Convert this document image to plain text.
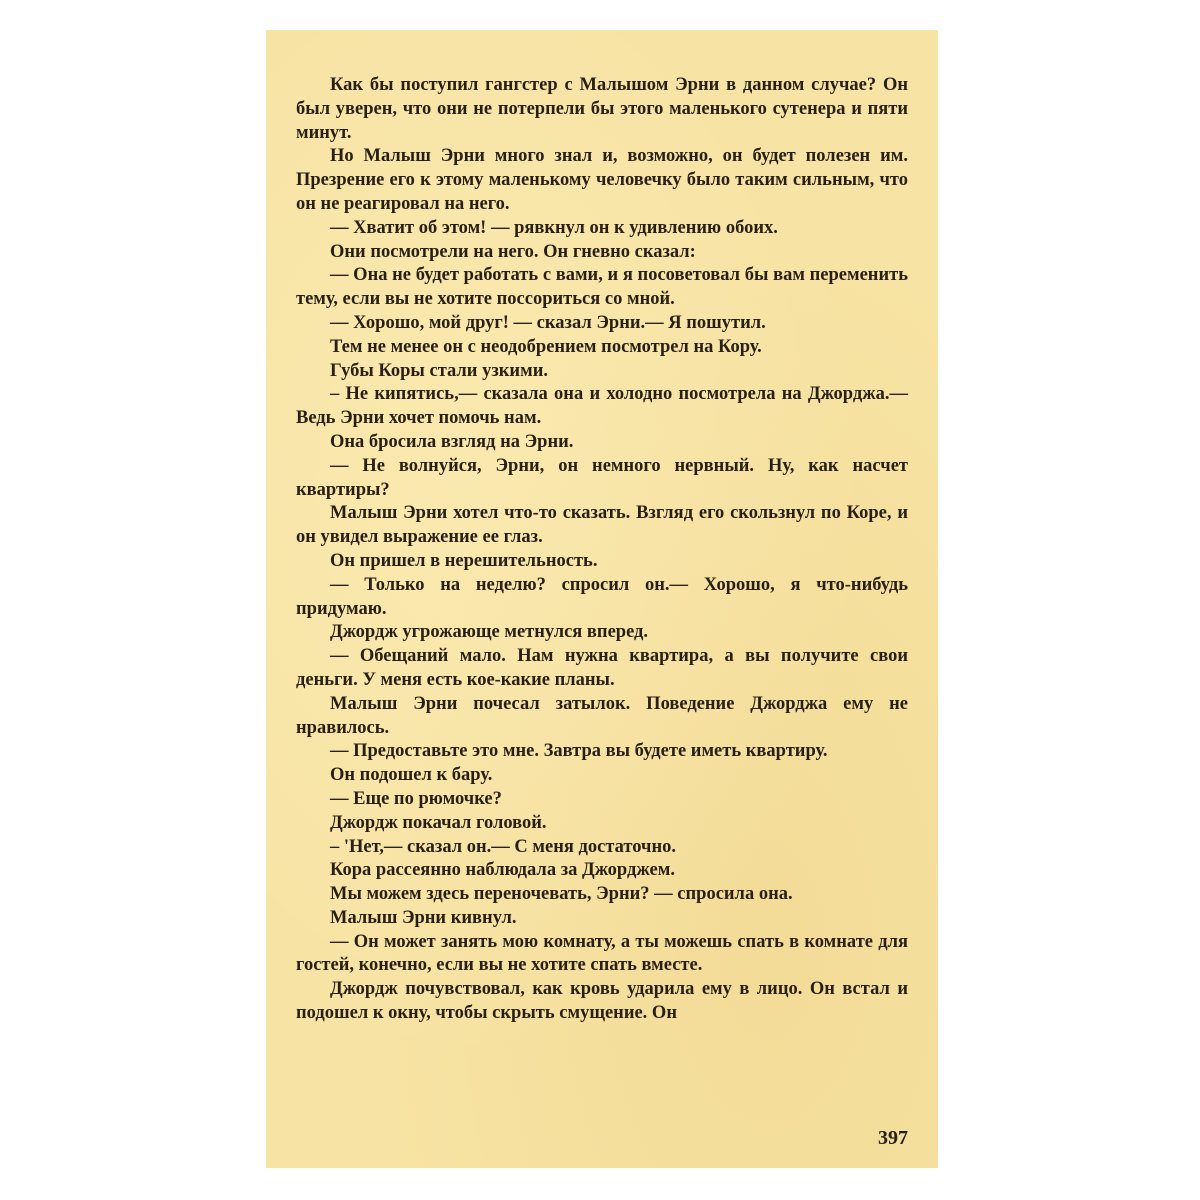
Как бы поступил гангстер с Малышом Эрни в данном случае? Он был уверен, что они не потерпели бы этого маленького сутенера и пяти минут.

Но Малыш Эрни много знал и, возможно, он будет полезен им. Презрение его к этому маленькому человечку было таким сильным, что он не реагировал на него.

— Хватит об этом! — рявкнул он к удивлению обоих.

Они посмотрели на него. Он гневно сказал:

— Она не будет работать с вами, и я посоветовал бы вам переменить тему, если вы не хотите поссориться со мной.

— Хорошо, мой друг! — сказал Эрни.— Я пошутил.

Тем не менее он с неодобрением посмотрел на Кору.

Губы Коры стали узкими.

– Не кипятись,— сказала она и холодно посмотрела на Джорджа.— Ведь Эрни хочет помочь нам.

Она бросила взгляд на Эрни.

— Не волнуйся, Эрни, он немного нервный. Ну, как насчет квартиры?

Малыш Эрни хотел что-то сказать. Взгляд его скользнул по Коре, и он увидел выражение ее глаз.

Он пришел в нерешительность.

— Только на неделю? спросил он.— Хорошо, я что-нибудь придумаю.

Джордж угрожающе метнулся вперед.

— Обещаний мало. Нам нужна квартира, а вы получите свои деньги. У меня есть кое-какие планы.

Малыш Эрни почесал затылок. Поведение Джорджа ему не нравилось.

— Предоставьте это мне. Завтра вы будете иметь квартиру.

Он подошел к бару.

— Еще по рюмочке?

Джордж покачал головой.

– 'Нет,— сказал он.— С меня достаточно.

Кора рассеянно наблюдала за Джорджем.

Мы можем здесь переночевать, Эрни? — спросила она.

Малыш Эрни кивнул.

— Он может занять мою комнату, а ты можешь спать в комнате для гостей, конечно, если вы не хотите спать вместе.

Джордж почувствовал, как кровь ударила ему в лицо. Он встал и подошел к окну, чтобы скрыть смущение. Он

397
